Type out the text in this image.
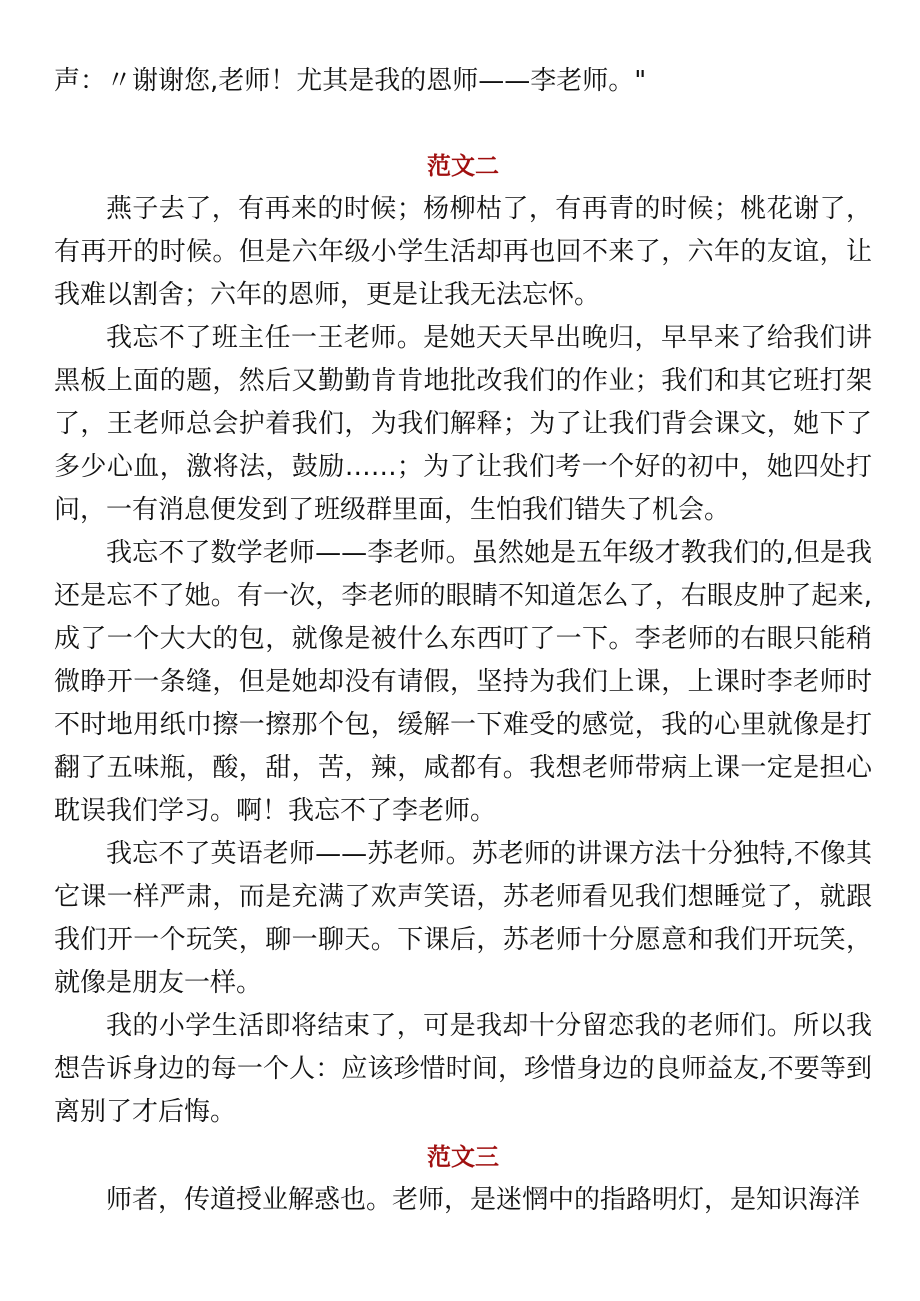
声：〃谢谢您,老师！尤其是我的恩师——李老师。"

范文二

燕子去了，有再来的时候；杨柳枯了，有再青的时候；桃花谢了，有再开的时候。但是六年级小学生活却再也回不来了，六年的友谊，让我难以割舍；六年的恩师，更是让我无法忘怀。

我忘不了班主任一王老师。是她天天早出晚归，早早来了给我们讲黑板上面的题，然后又勤勤肯肯地批改我们的作业；我们和其它班打架了，王老师总会护着我们，为我们解释；为了让我们背会课文，她下了多少心血，激将法，鼓励……；为了让我们考一个好的初中，她四处打问，一有消息便发到了班级群里面，生怕我们错失了机会。

我忘不了数学老师——李老师。虽然她是五年级才教我们的,但是我还是忘不了她。有一次，李老师的眼睛不知道怎么了，右眼皮肿了起来,成了一个大大的包，就像是被什么东西叮了一下。李老师的右眼只能稍微睁开一条缝，但是她却没有请假，坚持为我们上课，上课时李老师时不时地用纸巾擦一擦那个包，缓解一下难受的感觉，我的心里就像是打翻了五味瓶，酸，甜，苦，辣，咸都有。我想老师带病上课一定是担心耽误我们学习。啊！我忘不了李老师。

我忘不了英语老师——苏老师。苏老师的讲课方法十分独特,不像其它课一样严肃，而是充满了欢声笑语，苏老师看见我们想睡觉了，就跟我们开一个玩笑，聊一聊天。下课后，苏老师十分愿意和我们开玩笑，就像是朋友一样。

我的小学生活即将结束了，可是我却十分留恋我的老师们。所以我想告诉身边的每一个人：应该珍惜时间，珍惜身边的良师益友,不要等到离别了才后悔。

范文三

师者，传道授业解惑也。老师，是迷惘中的指路明灯，是知识海洋
